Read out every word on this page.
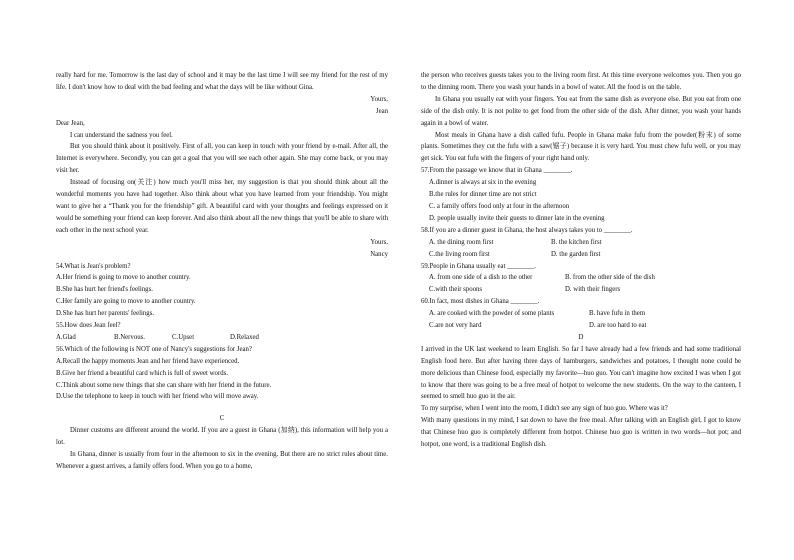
really hard for me. Tomorrow is the last day of school and it may be the last time I will see my friend for the rest of my life. I don't know how to deal with the bad feeling and what the days will be like without Gina.

Yours,

Jean

Dear Jean,

I can understand the sadness you feel.

But you should think about it positively. First of all, you can keep in touch with your friend by e-mail. After all, the Internet is everywhere. Secondly, you can get a goal that you will see each other again. She may come back, or you may visit her.

Instead of focusing on(关注) how much you'll miss her, my suggestion is that you should think about all the wonderful moments you have had together. Also think about what you have learned from your friendship. You might want to give her a “Thank you for the friendship” gift. A beautiful card with your thoughts and feelings expressed on it would be something your friend can keep forever. And also think about all the new things that you'll be able to share with each other in the next school year.

Yours,

Nancy

54.What is Jean's problem?

A.Her friend is going to move to another country.

B.She has hurt her friend's feelings.

C.Her family are going to move to another country.

D.She has hurt her parents' feelings.

55.How does Jean feel?

A.Glad	B.Nervous.	C.Upset	D.Relaxed

56.Which of the following is NOT one of Nancy's suggestions for Jean?

A.Recall the happy moments Jean and her friend have experienced.

B.Give her friend a beautiful card which is full of sweet words.

C.Think about some new things that she can share with her friend in the future.

D.Use the telephone to keep in touch with her friend who will move away.

C

Dinner customs are different around the world. If you are a guest in Ghana (加纳), this information will help you a lot.

In Ghana, dinner is usually from four in the afternoon to six in the evening. But there are no strict rules about time. Whenever a guest arrives, a family offers food. When you go to a home,

the person who receives guests takes you to the living room first. At this time everyone welcomes you. Then you go to the dinning room. There you wash your hands in a bowl of water. All the food is on the table.

In Ghana you usually eat with your fingers. You eat from the same dish as everyone else. But you eat from one side of the dish only. It is not polite to get food from the other side of the dish. After dinner, you wash your hands again in a bowl of water.

Most meals in Ghana have a dish called fufu. People in Ghana make fufu from the powder(粉末) of some plants. Sometimes they cut the fufu with a saw(锯子) because it is very hard. You must chew fufu well, or you may get sick. You eat fufu with the fingers of your right hand only.

57.From the passage we know that in Ghana ________.

A.dinner is always at six in the evening

B.the rules for dinner time are not strict

C. a family offers food only at four in the afternoon

D. people usually invite their guests to dinner late in the evening

58.If you are a dinner guest in Ghana, the host always takes you to ________.

A. the dining room first	B. the kitchen first
C.the living room first	D. the garden first

59.People in Ghana usually eat ________.

A. from one side of a dish to the other	B. from the other side of the dish
C.with their spoons	D. with their fingers

60.In fact, most dishes in Ghana ________.

A. are cooked with the powder of some plants	B. have fufu in them
C.are not very hard	D. are too hard to eat

D

I arrived in the UK last weekend to learn English. So far I have already had a few friends and had some traditional English food here. But after having three days of hamburgers, sandwiches and potatoes, I thought none could be more delicious than Chinese food, especially my favorite—huo guo. You can't imagine how excited I was when I got to know that there was going to be a free meal of hotpot to welcome the new students. On the way to the canteen, I seemed to smell huo guo in the air.

To my surprise, when I went into the room, I didn't see any sign of huo guo. Where was it?

With many questions in my mind, I sat down to have the free meal. After talking with an English girl, I got to know that Chinese huo guo is completely different from hotpot. Chinese huo guo is written in two words—hot pot; and hotpot, one word, is a traditional English dish.
